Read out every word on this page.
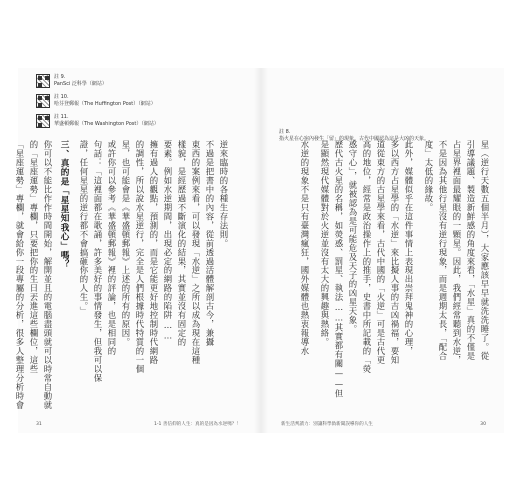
註 9.
PanSci 泛科學（網站）
註 10.
哈芬登郵報（The Huffington Post）（網站）
註 11.
華盛頓郵報（The Washington Post）（網站）
逆來臨時的各種生存法則。
不過是把書中的內容，從前透過活體解剖古今，兼攝
東西的案例來看，可以發現「水逆」之所以成為現在這種
樣貌，是經歷過不斷演化的結果，其實並沒有固定的
要素。例如水逆期間，出現必定的網路的陷阱……
擁有過人的觀點，預測的，而是它能更好地控制時代網路
的調性，所以說水星逆行，完全是人們根據時代特質的一個
星，也可能會是《華盛頓郵報》上述的所有的原因。
或許你可以參考《華盛頓郵報》裡的評論，也是相同的
句話：「這裡面都在歌誦，許多美好的事情發生，但我可以保
證，任何星星的逆行都不會搞砸你的人生。」
三、真的是「星星知我心」嗎？
你可以不能比作作時間開始，解開並且的電腦盡頭就可以時常自動就
的「星座運勢」專欄，只要把你的生日丟進這些欄位，這些
「星座運勢」專欄，就會給你一段專屬的分析，很多人整理分析時會
31	1-1 善信仰的人生：真的是因為水逆嗎？！
註 8.
指火星在心宿內發生「留」的現象。古代中國認為這是大凶的天象。
星（逆行天數五個半月），大家應該早早就洗洗睡了。從
引導議題、製造新鮮感的角度來看，「水星」真的不僅是
占星界裡面最耀眼的一顆星。因此，我們經常聽到水逆，
不是因為其他行星沒有逆行現象，而是週期太長，「配合
度」太低的緣故。
此外，媒體似乎在這件事情上表現出崇拜鬼神的心理，
多以西方占星學的「水逆」來比擬人事的吉凶禍福，要知
道從東方的古星學來看，古代中國的「火逆」可是古代更
高的地位，經常是政治操作上的推手，史書中所記載的「熒
惑守心」，就被認為是可能危及天子的凶星天象。
歷代古火星的名稱，如熒惑、罰星、執法……其實都有關——但
是顯然現代媒體對於火逆並沒有太大的興趣與熱絡。
水逆的現象不是只有臺灣瘋狂，國外媒體也熱衷報導水
新生活判讀力：別讓科學偽新聞誤導你的人生	30
